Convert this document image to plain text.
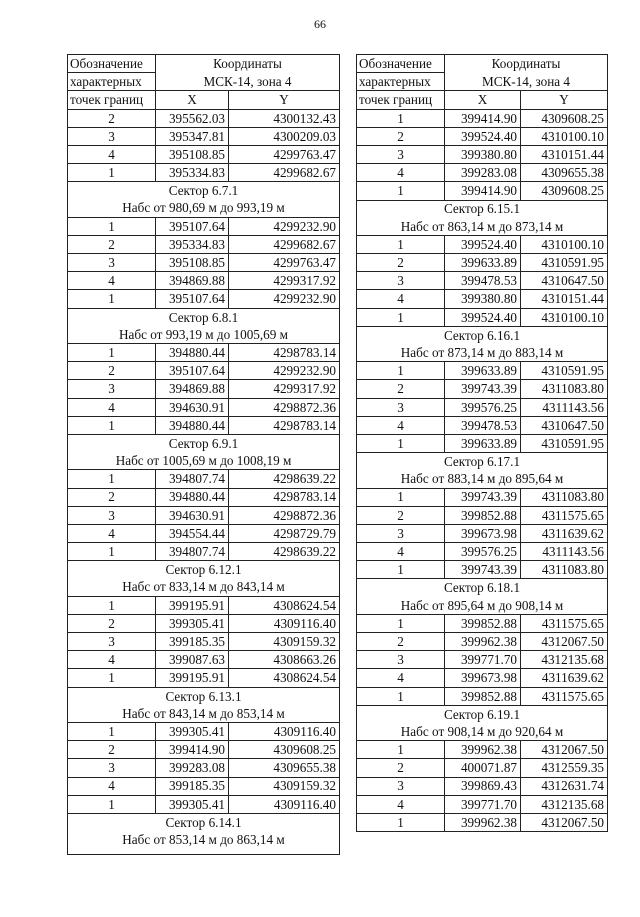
66
Обозначение	Координаты	
характерных	МСК-14, зона 4	
точек границ	X	Y
2	395562.03	4300132.43
3	395347.81	4300209.03
4	395108.85	4299763.47
1	395334.83	4299682.67
Сектор 6.7.1		
Набс от 980,69 м до 993,19 м		
1	395107.64	4299232.90
2	395334.83	4299682.67
3	395108.85	4299763.47
4	394869.88	4299317.92
1	395107.64	4299232.90
Сектор 6.8.1		
Набс от 993,19 м до 1005,69 м		
1	394880.44	4298783.14
2	395107.64	4299232.90
3	394869.88	4299317.92
4	394630.91	4298872.36
1	394880.44	4298783.14
Сектор 6.9.1		
Набс от 1005,69 м до 1008,19 м		
1	394807.74	4298639.22
2	394880.44	4298783.14
3	394630.91	4298872.36
4	394554.44	4298729.79
1	394807.74	4298639.22
Сектор 6.12.1		
Набс от 833,14 м до 843,14 м		
1	399195.91	4308624.54
2	399305.41	4309116.40
3	399185.35	4309159.32
4	399087.63	4308663.26
1	399195.91	4308624.54
Сектор 6.13.1		
Набс от 843,14 м до 853,14 м		
1	399305.41	4309116.40
2	399414.90	4309608.25
3	399283.08	4309655.38
4	399185.35	4309159.32
1	399305.41	4309116.40
Сектор 6.14.1		
Набс от 853,14 м до 863,14 м		

Обозначение	Координаты	
характерных	МСК-14, зона 4	
точек границ	X	Y
1	399414.90	4309608.25
2	399524.40	4310100.10
3	399380.80	4310151.44
4	399283.08	4309655.38
1	399414.90	4309608.25
Сектор 6.15.1		
Набс от 863,14 м до 873,14 м		
1	399524.40	4310100.10
2	399633.89	4310591.95
3	399478.53	4310647.50
4	399380.80	4310151.44
1	399524.40	4310100.10
Сектор 6.16.1		
Набс от 873,14 м до 883,14 м		
1	399633.89	4310591.95
2	399743.39	4311083.80
3	399576.25	4311143.56
4	399478.53	4310647.50
1	399633.89	4310591.95
Сектор 6.17.1		
Набс от 883,14 м до 895,64 м		
1	399743.39	4311083.80
2	399852.88	4311575.65
3	399673.98	4311639.62
4	399576.25	4311143.56
1	399743.39	4311083.80
Сектор 6.18.1		
Набс от 895,64 м до 908,14 м		
1	399852.88	4311575.65
2	399962.38	4312067.50
3	399771.70	4312135.68
4	399673.98	4311639.62
1	399852.88	4311575.65
Сектор 6.19.1		
Набс от 908,14 м до 920,64 м		
1	399962.38	4312067.50
2	400071.87	4312559.35
3	399869.43	4312631.74
4	399771.70	4312135.68
1	399962.38	4312067.50
